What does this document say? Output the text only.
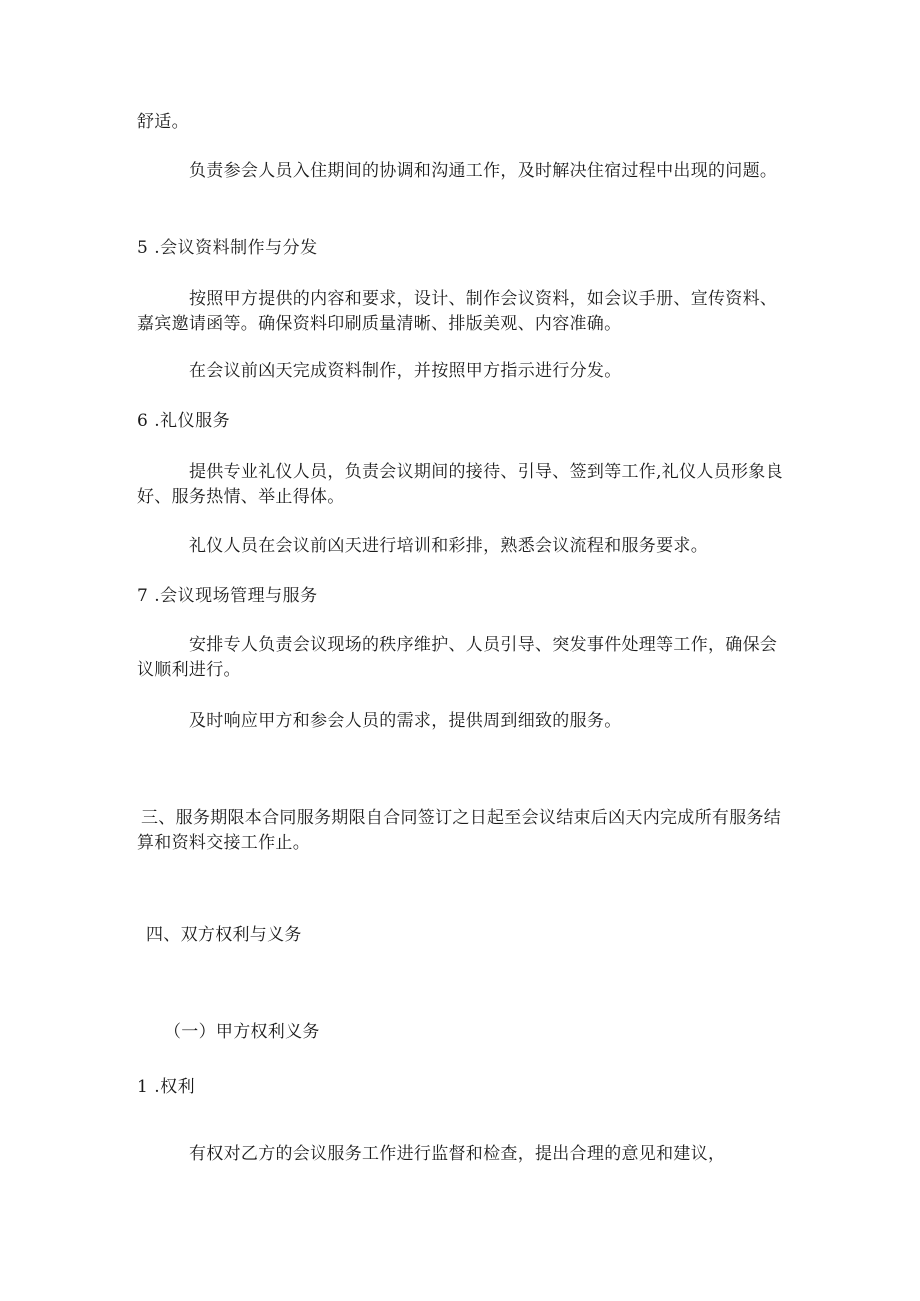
舒适。
负责参会人员入住期间的协调和沟通工作，及时解决住宿过程中出现的问题。
5 .会议资料制作与分发
按照甲方提供的内容和要求，设计、制作会议资料，如会议手册、宣传资料、嘉宾邀请函等。确保资料印刷质量清晰、排版美观、内容准确。
在会议前凶天完成资料制作，并按照甲方指示进行分发。
6 .礼仪服务
提供专业礼仪人员，负责会议期间的接待、引导、签到等工作,礼仪人员形象良好、服务热情、举止得体。
礼仪人员在会议前凶天进行培训和彩排，熟悉会议流程和服务要求。
7 .会议现场管理与服务
安排专人负责会议现场的秩序维护、人员引导、突发事件处理等工作，确保会议顺利进行。
及时响应甲方和参会人员的需求，提供周到细致的服务。
三、服务期限本合同服务期限自合同签订之日起至会议结束后凶天内完成所有服务结算和资料交接工作止。
四、双方权利与义务
（一）甲方权利义务
1 .权利
有权对乙方的会议服务工作进行监督和检查，提出合理的意见和建议，
